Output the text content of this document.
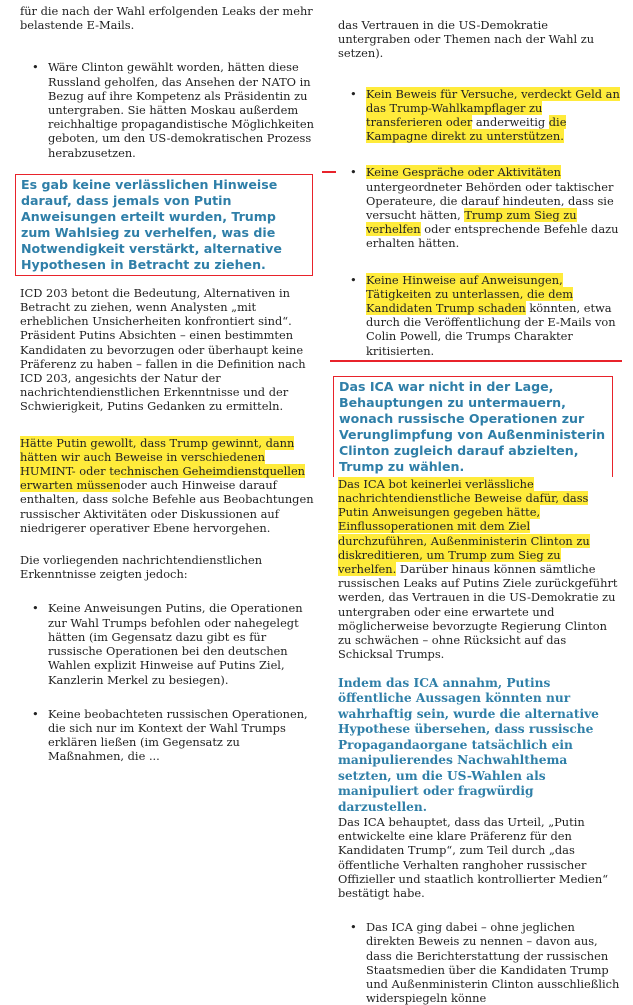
für die nach der Wahl erfolgenden Leaks der mehr belastende E-Mails.

• Wäre Clinton gewählt worden, hätten diese Russland geholfen, das Ansehen der NATO in Bezug auf ihre Kompetenz als Präsidentin zu untergraben. Sie hätten Moskau außerdem reichhaltige propagandistische Möglichkeiten geboten, um den US-demokratischen Prozess herabzusetzen.

Es gab keine verlässlichen Hinweise darauf, dass jemals von Putin Anweisungen erteilt wurden, Trump zum Wahlsieg zu verhelfen, was die Notwendigkeit verstärkt, alternative Hypothesen in Betracht zu ziehen.

ICD 203 betont die Bedeutung, Alternativen in Betracht zu ziehen, wenn Analysten „mit erheblichen Unsicherheiten konfrontiert sind“.

Präsident Putins Absichten – einen bestimmten Kandidaten zu bevorzugen oder überhaupt keine Präferenz zu haben – fallen in die Definition nach ICD 203, angesichts der Natur der nachrichtendienstlichen Erkenntnisse und der Schwierigkeit, Putins Gedanken zu ermitteln.

Hätte Putin gewollt, dass Trump gewinnt, dann hätten wir auch Beweise in verschiedenen HUMINT- oder technischen Geheimdienstquellen erwarten müssenoder auch Hinweise darauf enthalten, dass solche Befehle aus Beobachtungen russischer Aktivitäten oder Diskussionen auf niedrigerer operativer Ebene hervorgehen.

Die vorliegenden nachrichtendienstlichen Erkenntnisse zeigten jedoch:

• Keine Anweisungen Putins, die Operationen zur Wahl Trumps befohlen oder nahegelegt hätten (im Gegensatz dazu gibt es für russische Operationen bei den deutschen Wahlen explizit Hinweise auf Putins Ziel, Kanzlerin Merkel zu besiegen).

• Keine beobachteten russischen Operationen, die sich nur im Kontext der Wahl Trumps erklären ließen (im Gegensatz zu Maßnahmen, die ...

das Vertrauen in die US-Demokratie untergraben oder Themen nach der Wahl zu setzen).

• Kein Beweis für Versuche, verdeckt Geld an das Trump-Wahlkampflager zu transferieren oder anderweitig die Kampagne direkt zu unterstützen.

• Keine Gespräche oder Aktivitäten untergeordneter Behörden oder taktischer Operateure, die darauf hindeuten, dass sie versucht hätten, Trump zum Sieg zu verhelfen oder entsprechende Befehle dazu erhalten hätten.

• Keine Hinweise auf Anweisungen, Tätigkeiten zu unterlassen, die dem Kandidaten Trump schaden könnten, etwa durch die Veröffentlichung der E-Mails von Colin Powell, die Trumps Charakter kritisierten.

Das ICA war nicht in der Lage, Behauptungen zu untermauern, wonach russische Operationen zur Verunglimpfung von Außenministerin Clinton zugleich darauf abzielten, Trump zu wählen.

Das ICA bot keinerlei verlässliche nachrichtendienstliche Beweise dafür, dass Putin Anweisungen gegeben hätte, Einflussoperationen mit dem Ziel durchzuführen, Außenministerin Clinton zu diskreditieren, um Trump zum Sieg zu verhelfen. Darüber hinaus können sämtliche russischen Leaks auf Putins Ziele zurückgeführt werden, das Vertrauen in die US-Demokratie zu untergraben oder eine erwartete und möglicherweise bevorzugte Regierung Clinton zu schwächen – ohne Rücksicht auf das Schicksal Trumps.

Indem das ICA annahm, Putins öffentliche Aussagen könnten nur wahrhaftig sein, wurde die alternative Hypothese übersehen, dass russische Propagandaorgane tatsächlich ein manipulierendes Nachwahlthema setzten, um die US-Wahlen als manipuliert oder fragwürdig darzustellen.

Das ICA behauptet, dass das Urteil, „Putin entwickelte eine klare Präferenz für den Kandidaten Trump“, zum Teil durch „das öffentliche Verhalten ranghoher russischer Offizieller und staatlich kontrollierter Medien“ bestätigt habe.

• Das ICA ging dabei – ohne jeglichen direkten Beweis zu nennen – davon aus, dass die Berichterstattung der russischen Staatsmedien über die Kandidaten Trump und Außenministerin Clinton ausschließlich widerspiegeln könne
